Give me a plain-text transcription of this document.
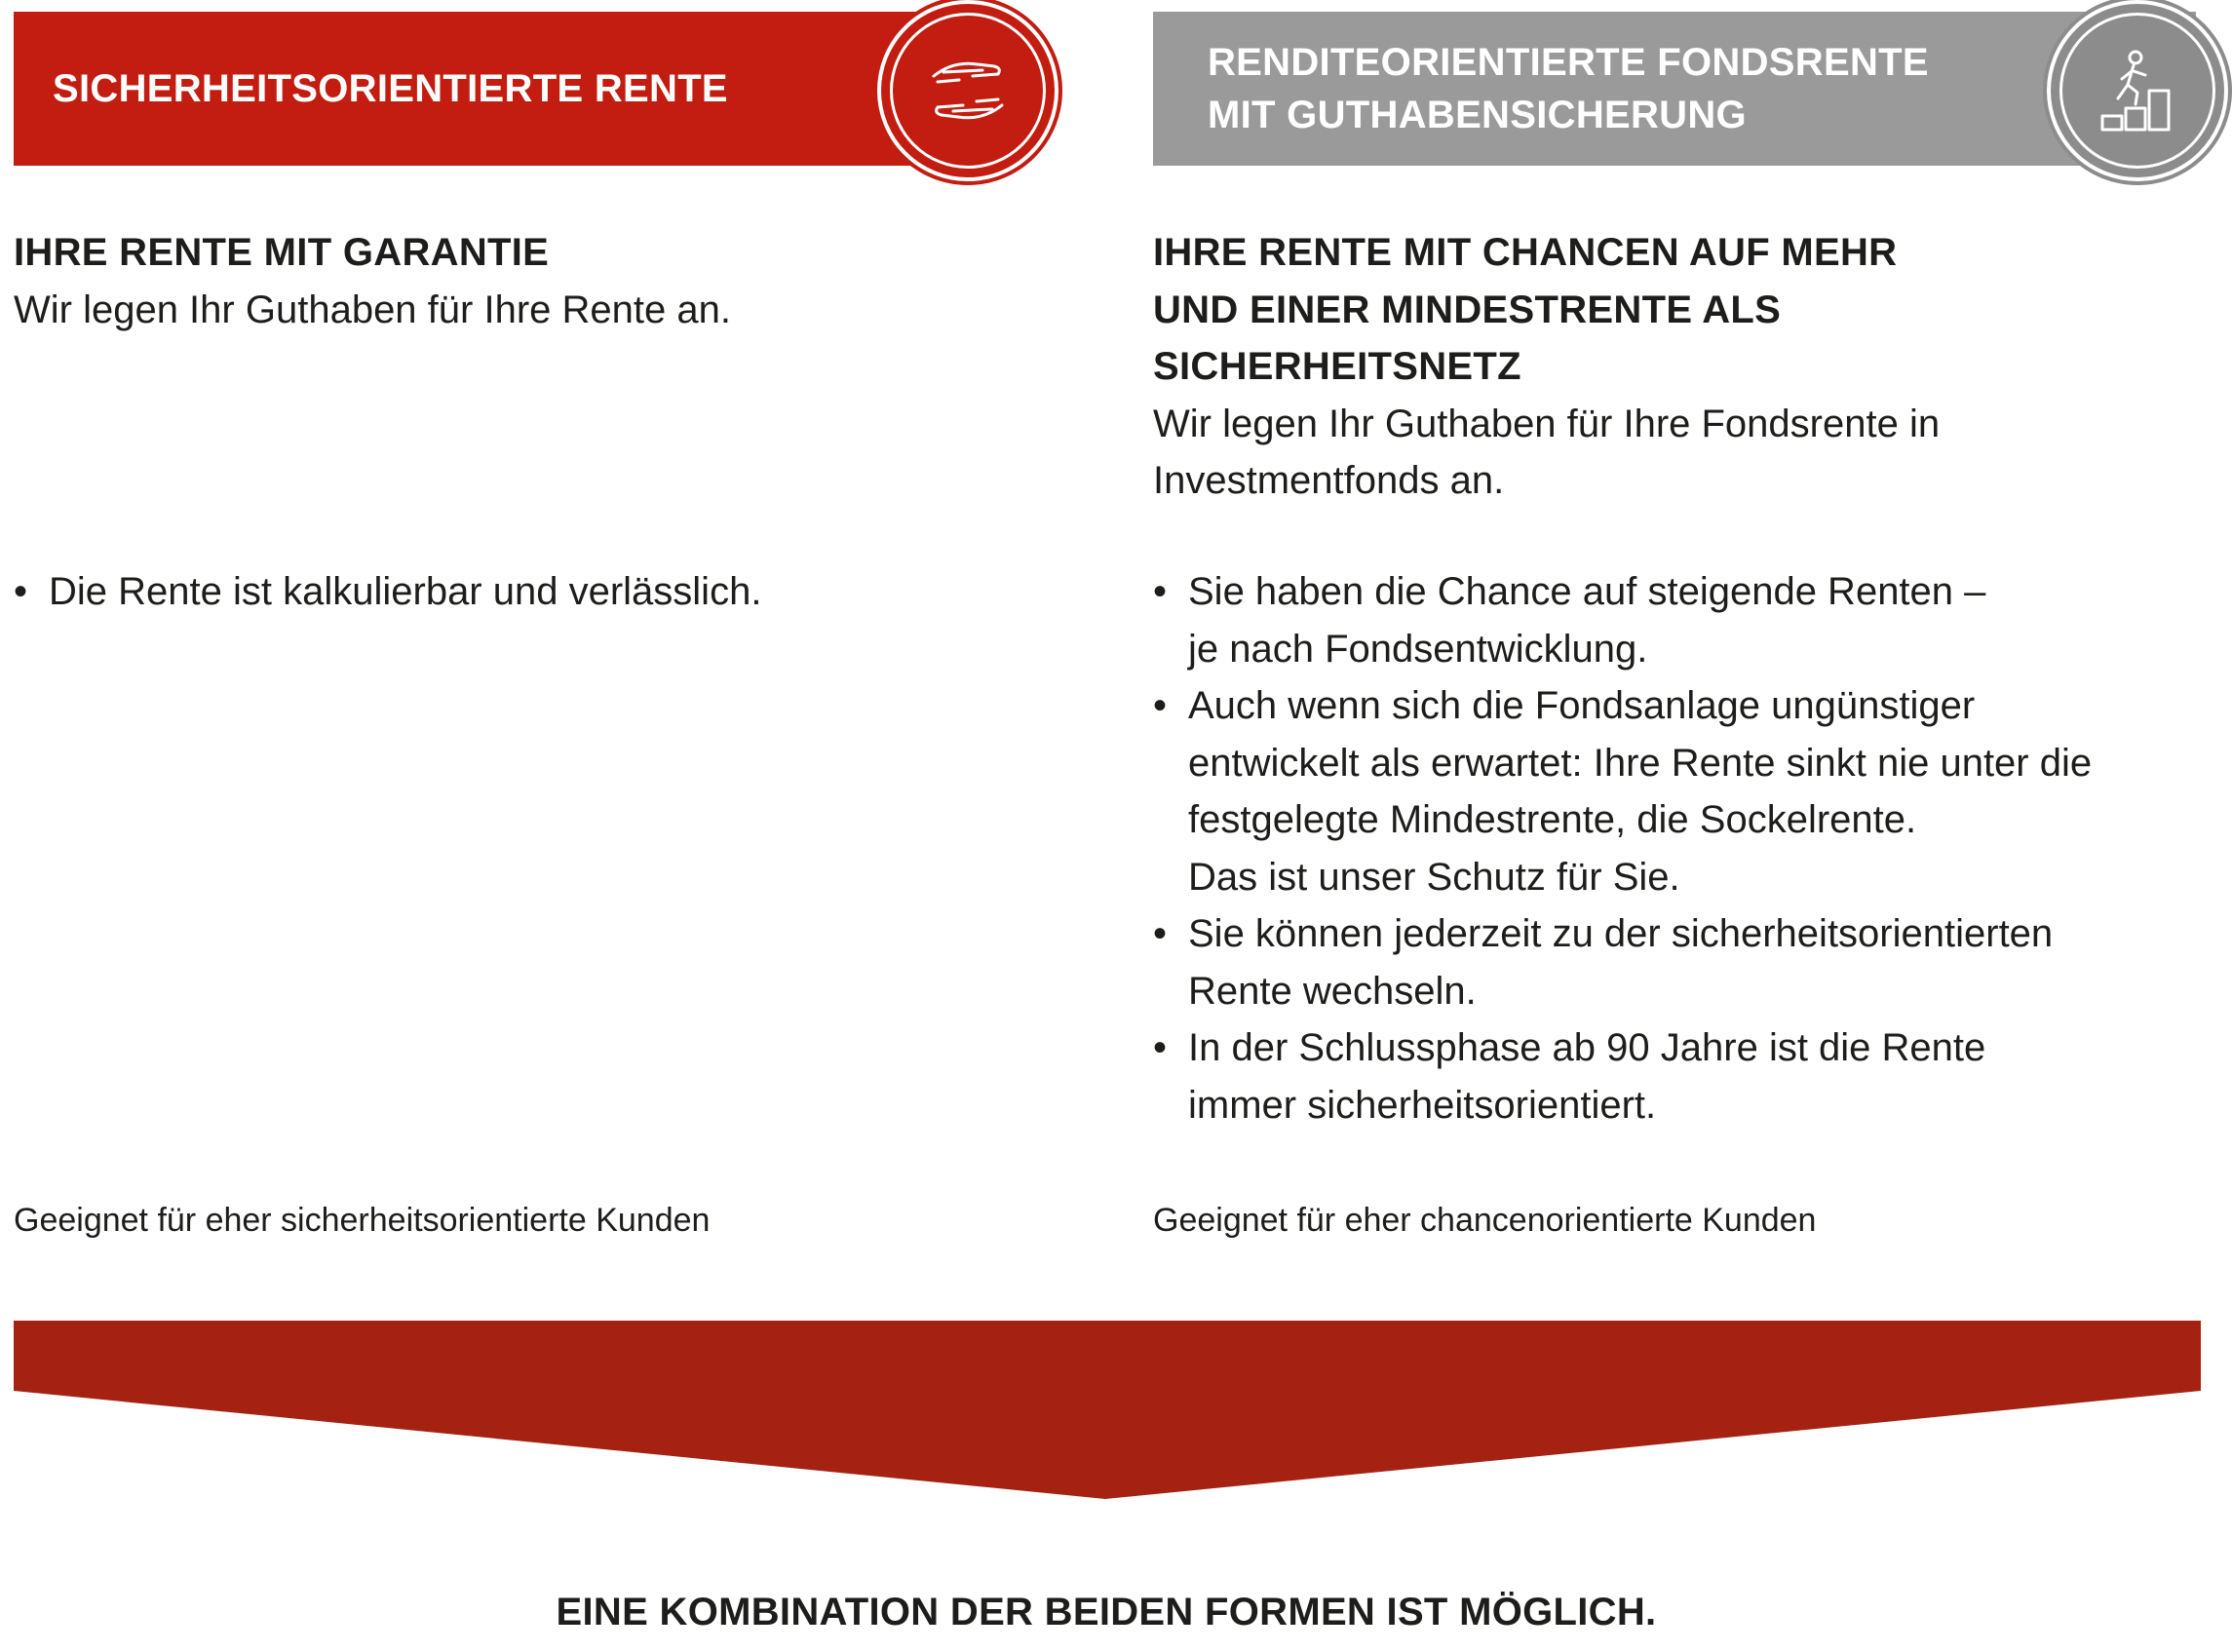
SICHERHEITSORIENTIERTE RENTE
RENDITEORIENTIERTE FONDSRENTE
MIT GUTHABENSICHERUNG
IHRE RENTE MIT GARANTIE
Wir legen Ihr Guthaben für Ihre Rente an.
• Die Rente ist kalkulierbar und verlässlich.
IHRE RENTE MIT CHANCEN AUF MEHR
UND EINER MINDESTRENTE ALS
SICHERHEITSNETZ
Wir legen Ihr Guthaben für Ihre Fondsrente in
Investmentfonds an.
• Sie haben die Chance auf steigende Renten –
je nach Fondsentwicklung.
• Auch wenn sich die Fondsanlage ungünstiger
entwickelt als erwartet: Ihre Rente sinkt nie unter die
festgelegte Mindestrente, die Sockelrente.
Das ist unser Schutz für Sie.
• Sie können jederzeit zu der sicherheitsorientierten
Rente wechseln.
• In der Schlussphase ab 90 Jahre ist die Rente
immer sicherheitsorientiert.
Geeignet für eher sicherheitsorientierte Kunden	Geeignet für eher chancenorientierte Kunden
EINE KOMBINATION DER BEIDEN FORMEN IST MÖGLICH.
